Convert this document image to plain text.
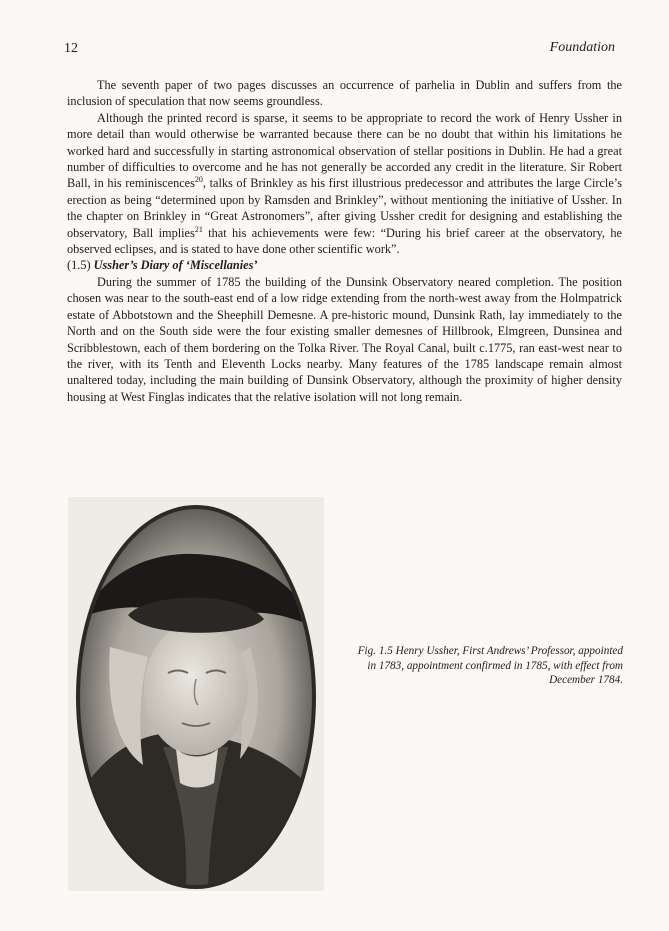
12	Foundation

The seventh paper of two pages discusses an occurrence of parhelia in Dublin and suffers from the inclusion of speculation that now seems groundless.

Although the printed record is sparse, it seems to be appropriate to record the work of Henry Ussher in more detail than would otherwise be warranted because there can be no doubt that within his limitations he worked hard and successfully in starting astronomical observation of stellar positions in Dublin. He had a great number of difficulties to overcome and he has not generally be accorded any credit in the literature. Sir Robert Ball, in his reminiscences$^{20}$, talks of Brinkley as his first illustrious predecessor and attributes the large Circle’s erection as being “determined upon by Ramsden and Brinkley”, without mentioning the initiative of Ussher. In the chapter on Brinkley in “Great Astronomers”, after giving Ussher credit for designing and establishing the observatory, Ball implies$^{21}$ that his achievements were few: “During his brief career at the observatory, he observed eclipses, and is stated to have done other scientific work”.

(1.5) Ussher’s Diary of ‘Miscellanies’

During the summer of 1785 the building of the Dunsink Observatory neared completion. The position chosen was near to the south-east end of a low ridge extending from the north-west away from the Holmpatrick estate of Abbotstown and the Sheephill Demesne. A pre-historic mound, Dunsink Rath, lay immediately to the North and on the South side were the four existing smaller demesnes of Hillbrook, Elmgreen, Dunsinea and Scribblestown, each of them bordering on the Tolka River. The Royal Canal, built c.1775, ran east-west near to the river, with its Tenth and Eleventh Locks nearby. Many features of the 1785 landscape remain almost unaltered today, including the main building of Dunsink Observatory, although the proximity of higher density housing at West Finglas indicates that the relative isolation will not long remain.

Fig. 1.5 Henry Ussher, First Andrews’ Professor, appointed in 1783, appointment confirmed in 1785, with effect from December 1784.
